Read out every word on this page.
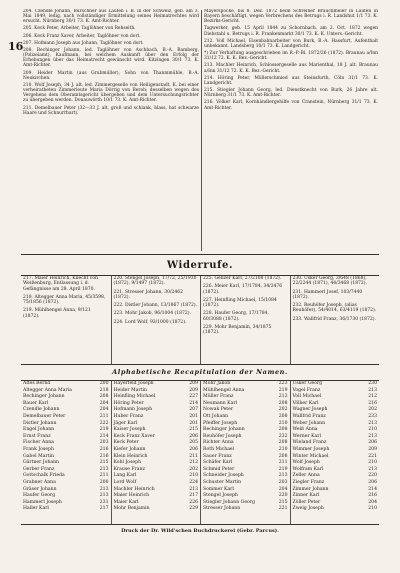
16
204. Czendle Johann, Burschner aus Laufen i. B. in der Schweiz, geb. am 3. Mai 1849, ledig, nach vollständiger Ermittelung seines Heimatrechtes wird ersucht. Nürnberg 30/1 73. K. Amt-Richter.
205. Keck Peter, Arbeiter, Taglöhner von Rehseith.
206. Keck Franz Xaver, Arbeiter, Taglöhner von dort.
207. Hofmann Joseph aus Johann, Taglöhner von dort.
208. Rechinger Johann, led. Taglöhner von Aschbach, B.-A. Bamberg, (Polizeiamt), Kaufmann, bei welchem Auskunft über den Erfolg der Erhebungen über das Heimatrecht gewünscht wird. Kitzingen 30/1 73. K. Amt-Richter.
209. Heider Martin (aus Grubmüller), Sohn von Thanmmühle, B.-A. Neukirchen.
210. Wolf Joseph, 34 J. alt, led. Zimmergeselle von Heiligenstadt, K. bei einer verheiratheten Zimmerleute Maria Dörrig von Beroh; desselben wegen des Vergehens dem Oberamtsgericht übergeben und dem Untersuchungsrichter zu übergeben werden. Donauwörth 10/1 73. K. Amt-Richter.
211. Demelbauer Peter (32—33 J. alt, groß und schlank, blass, hat schwarze Haare und Schnurrbart).
Mayerspöcke, bis 8. Dez. 1872 beim Schreiner Brauchmeier in Laufen in Bayern beschäftigt, wegen Verbrechens des Betrugs i. R. Landshut 1/1 73. K. Bezirks-Gericht.
Tagwerker, geb. 15 April 1844 zu Schornbach, am 2. Oct. 1872 wegen Diebstahl u. Betrugs i. R. Frankenmarkt 30/1 73. K. K. Unters.-Gericht.
212. Voll Michael, Eisenbahnarbeiter von Burk, B.-A. Hassfurt, Aufenthalt unbekannt. Landsberg 10/1 73. K. Landgericht.
*) Zur Verhaftung ausgeschrieben im R.-P.-Bl. 1872/26 (1872). Braunau a/Inn 31/12 72. K. K. Bez.-Gericht.
213. Machler Heinrich, Schlossergeselle aus Marienthal, 18 J. alt. Braunau a/Inn 31/12 72. K. K. Bez.-Gericht.
214. Höring Peter, Müllerschmied aus Steinsfurth, Cöln 31/1 73. K. Landgericht.
215. Stiegler Johann Georg, led. Dienstknecht von Burk, 26 Jahre alt. Nürnberg 31/1 73. K. Amt-Richter.
216. Völker Karl, Kornhändlergehilfe von Cranstein, Nürnberg 31/1 73. K. Amt-Richter.
Widerrufe.
217. Maier Heinrich, Knecht von Weißenburg, Entlassung i. d. Gefängnisse am 28. April 1870.
218. Altegger Anna Maria, 45/3598, 75/1856 (1872).
219. Mühlhengel Anna, 9/121 (1872).
220. Stengel Joseph, 17/72, 25/1930 (1872), 9/1497 (1872).
221. Stresser Johann, 30/2462 (1872).
222. Distler Johann, 13/1867 (1872).
223. Mohr Jakob, 96/1004 (1872).
224. Lord Wolf, 93/1000 (1872).
225. Genzer Karl, 27/2108 (1872).
226. Meier Karl, 17/1784, 34/2476 (1872).
227. Heinfling Michael, 15/1084 (1872).
228. Haufer Georg, 17/1784, 60/3088 (1872).
229. Mohr Benjamin, 34/1875 (1872).
230. Usker Georg, 3/648 (1868), 22/2244 (1871), 44/3468 (1872).
231. Hammerl Josef, 103/7440 (1872).
232. Reuhöfer Joseph, (alias Reuhöfer), 54/4014, 63/4119 (1872).
233. Wallfrid Franz, 36/1730 (1872).
Alphabetische Recapitulation der Namen.
Altes Bernd	200
Altegger Anna Maria	218
Bechinger Johann	208
Bauer Karl	204
Czendle Johann	204
Demelbauer Peter	211
Distler Johann	222
Engel Johann	219
Ernst Franz	214
Fischer Anna	203
Frank Joseph	216
Gabel Martin	216
Gärtner Johann	215
Gerber Franz	213
Gottschalk Frieda	211
Grabner Anna	200
Gräser Johann	213
Haufer Georg	213
Hammerl Joseph	231
Haller Karl	217
Hayerfeld Joseph	209
Heider Martin	209
Heinfling Michael	227
Höring Peter	214
Hofmann Joseph	207
Huber Franz	201
Jäger Karl	201
Kaiser Joseph	215
Keck Franz Xaver	206
Keck Peter	205
Kiefer Johann	206
Klein Heinrich	211
Kohl Joseph	212
Krause Franz	202
Lang Karl	210
Lord Wolf	224
Machler Heinrich	213
Maier Heinrich	217
Maier Karl	226
Mohr Benjamin	229
Mohr Jakob	223
Mühlhengel Anna	219
Müller Franz	213
Neumann Karl	208
Nowak Peter	202
Ott Johann	208
Pfeiffer Joseph	210
Rechinger Johann	208
Reuhöfer Joseph	232
Richter Anna	208
Roth Michael	210
Sauer Franz	208
Schäfer Karl	211
Schmid Peter	219
Schneider Joseph	213
Schuster Martin	203
Sommer Karl	204
Stengel Joseph	220
Stiegler Johann Georg	215
Stresser Johann	221
Usker Georg	230
Vogel Franz	213
Voll Michael	212
Völker Karl	216
Wagner Joseph	202
Wallfrid Franz	233
Weber Johann	213
Weiß Anna	210
Werner Karl	213
Wieland Franz	206
Wimmer Joseph	209
Winter Michael	221
Wolf Joseph	210
Wolfram Karl	213
Zeller Anna	220
Ziegler Franz	206
Zimmer Johann	214
Zinner Karl	216
Zöller Peter	204
Zweig Joseph	210
Druck der Dr. Wild'schen Buchdruckerei (Gebr. Parcus).
